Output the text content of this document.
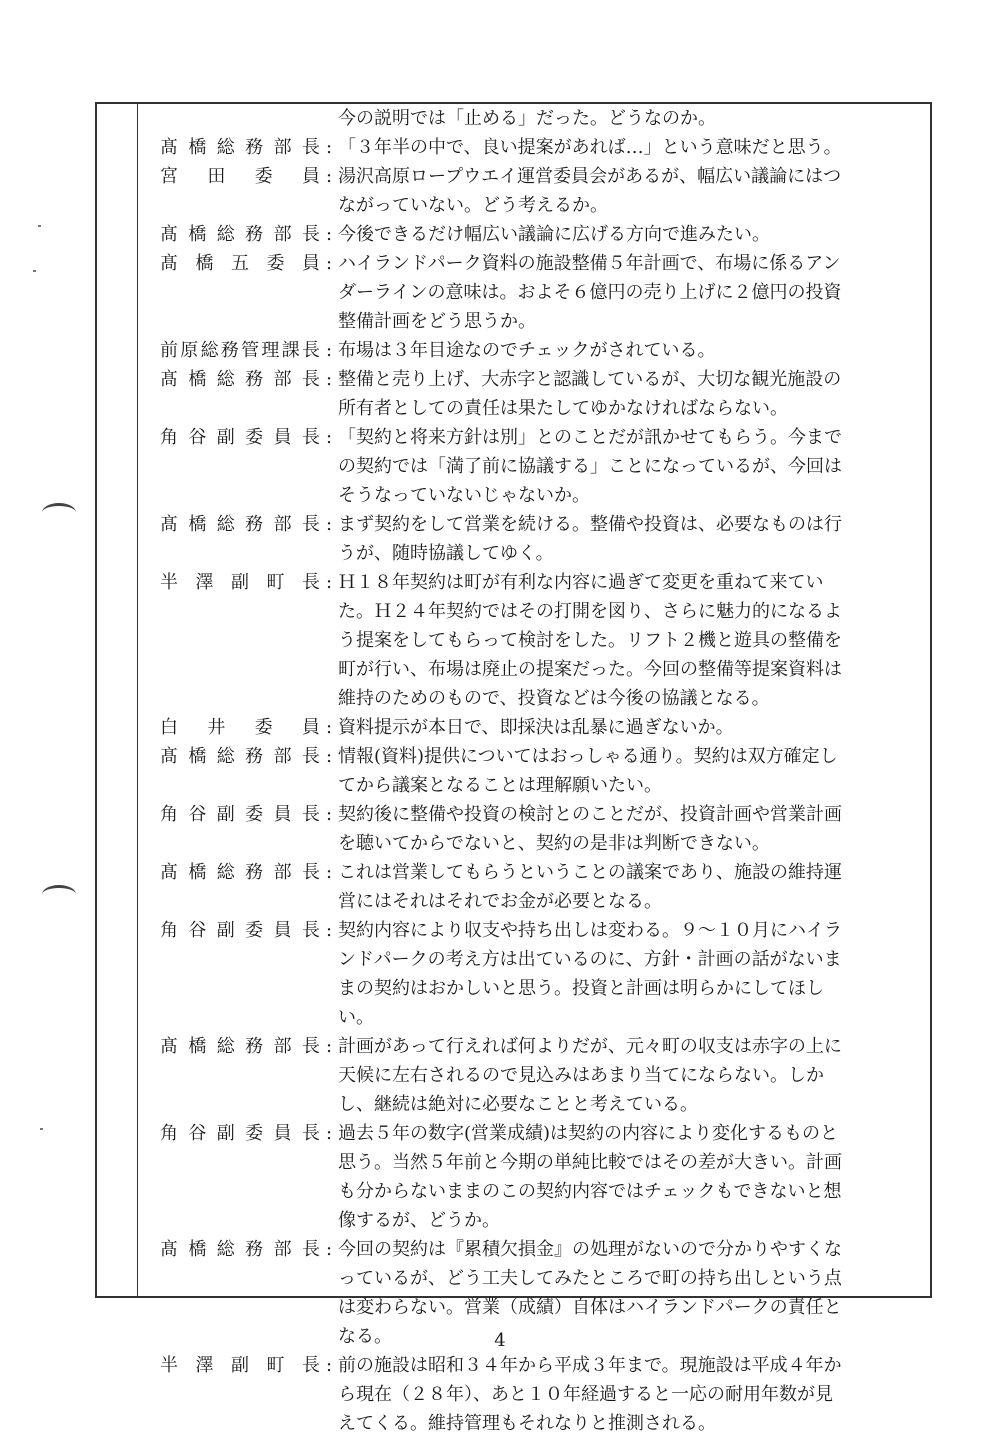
今の説明では「止める」だった。どうなのか。
髙 橋 総 務 部 長 : 「３年半の中で、良い提案があれば…」という意味だと思う。
宮 田 委 員 : 湯沢高原ロープウエイ運営委員会があるが、幅広い議論にはつ
ながっていない。どう考えるか。
髙 橋 総 務 部 長 : 今後できるだけ幅広い議論に広げる方向で進みたい。
髙 橋 五 委 員 : ハイランドパーク資料の施設整備５年計画で、布場に係るアン
ダーラインの意味は。およそ６億円の売り上げに２億円の投資
整備計画をどう思うか。
前 原 総 務 管 理 課 長 : 布場は３年目途なのでチェックがされている。
髙 橋 総 務 部 長 : 整備と売り上げ、大赤字と認識しているが、大切な観光施設の
所有者としての責任は果たしてゆかなければならない。
角 谷 副 委 員 長 : 「契約と将来方針は別」とのことだが訊かせてもらう。今まで
の契約では「満了前に協議する」ことになっているが、今回は
そうなっていないじゃないか。
髙 橋 総 務 部 長 : まず契約をして営業を続ける。整備や投資は、必要なものは行
うが、随時協議してゆく。
半 澤 副 町 長 : Ｈ１８年契約は町が有利な内容に過ぎて変更を重ねて来てい
た。Ｈ２４年契約ではその打開を図り、さらに魅力的になるよ
う提案をしてもらって検討をした。リフト２機と遊具の整備を
町が行い、布場は廃止の提案だった。今回の整備等提案資料は
維持のためのもので、投資などは今後の協議となる。
白 井 委 員 : 資料提示が本日で、即採決は乱暴に過ぎないか。
髙 橋 総 務 部 長 : 情報(資料)提供についてはおっしゃる通り。契約は双方確定し
てから議案となることは理解願いたい。
角 谷 副 委 員 長 : 契約後に整備や投資の検討とのことだが、投資計画や営業計画
を聴いてからでないと、契約の是非は判断できない。
髙 橋 総 務 部 長 : これは営業してもらうということの議案であり、施設の維持運
営にはそれはそれでお金が必要となる。
角 谷 副 委 員 長 : 契約内容により収支や持ち出しは変わる。９～１０月にハイラ
ンドパークの考え方は出ているのに、方針・計画の話がないま
まの契約はおかしいと思う。投資と計画は明らかにしてほし
い。
髙 橋 総 務 部 長 : 計画があって行えれば何よりだが、元々町の収支は赤字の上に
天候に左右されるので見込みはあまり当てにならない。しか
し、継続は絶対に必要なことと考えている。
角 谷 副 委 員 長 : 過去５年の数字(営業成績)は契約の内容により変化するものと
思う。当然５年前と今期の単純比較ではその差が大きい。計画
も分からないままのこの契約内容ではチェックもできないと想
像するが、どうか。
髙 橋 総 務 部 長 : 今回の契約は『累積欠損金』の処理がないので分かりやすくな
っているが、どう工夫してみたところで町の持ち出しという点
は変わらない。営業（成績）自体はハイランドパークの責任と
なる。
半 澤 副 町 長 : 前の施設は昭和３４年から平成３年まで。現施設は平成４年か
ら現在（２８年）、あと１０年経過すると一応の耐用年数が見
えてくる。維持管理もそれなりと推測される。
4
